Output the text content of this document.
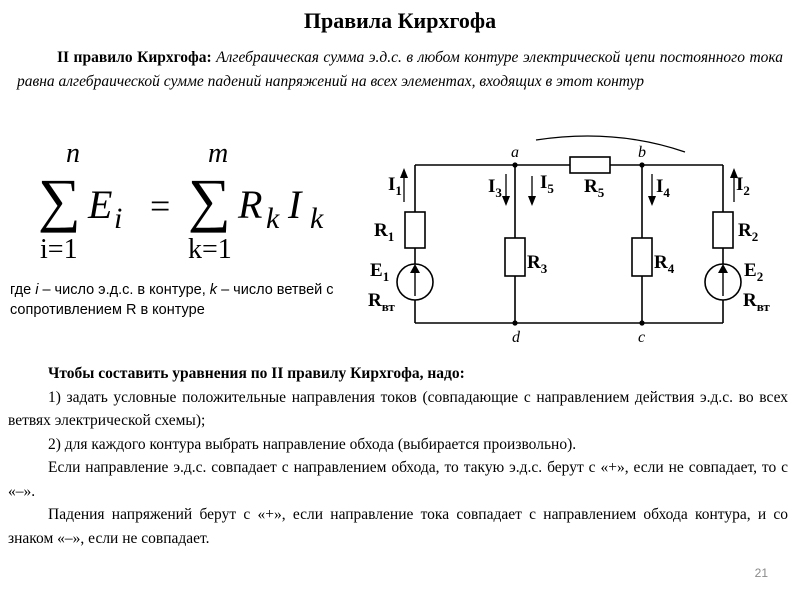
Правила Кирхгофа
II правило Кирхгофа: Алгебраическая сумма э.д.с. в любом контуре электрической цепи постоянного тока равна алгебраической сумме падений напряжений на всех элементах, входящих в этот контур
n
∑ E i
i=1
=
m
∑ R k I k
k=1
где i – число э.д.с. в контуре, k – число ветвей с сопротивлением R в контуре
a	b
d	c
$I_1$	$I_2$
$I_3$	$I_4$
$I_5$
$R_1$	$R_2$
$R_3$	$R_4$
$R_5$
$E_1$	$E_2$
$R_{вт}$	$R_{вт}$

Чтобы составить уравнения по II правилу Кирхгофа, надо:

1) задать условные положительные направления токов (совпадающие с направлением действия э.д.с. во всех ветвях электрической схемы);

2) для каждого контура выбрать направление обхода (выбирается произвольно).

Если направление э.д.с. совпадает с направлением обхода, то такую э.д.с. берут с «+», если не совпадает, то с «–».

Падения напряжений берут с «+», если направление тока совпадает с направлением обхода контура, и со знаком «–», если не совпадает.

21
